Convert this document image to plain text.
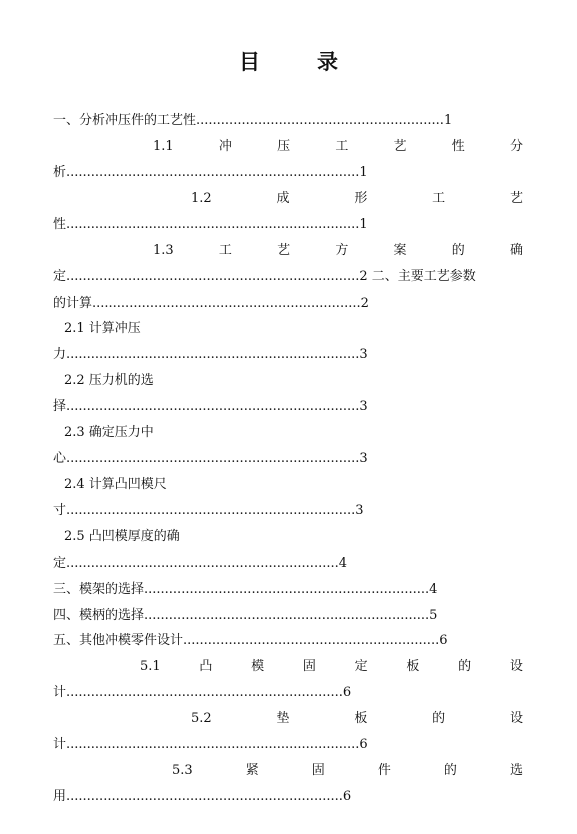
目　录
一、分析冲压件的工艺性............................................................1
1.1	冲	压	工	艺	性	分
析.......................................................................1
1.2	成	形	工	艺
性.......................................................................1
1.3	工	艺	方	案	的	确
定.......................................................................2 二、主要工艺参数
的计算.................................................................2
2.1 计算冲压
力.......................................................................3
2.2 压力机的选
择.......................................................................3
2.3 确定压力中
心.......................................................................3
2.4 计算凸凹模尺
寸......................................................................3
2.5 凸凹模厚度的确
定..................................................................4
三、模架的选择.....................................................................4
四、模柄的选择.....................................................................5
五、其他冲模零件设计..............................................................6
5.1	凸	模	固	定	板	的	设
计...................................................................6
5.2	垫	板	的	设
计.......................................................................6
5.3	紧	固	件	的	选
用...................................................................6
